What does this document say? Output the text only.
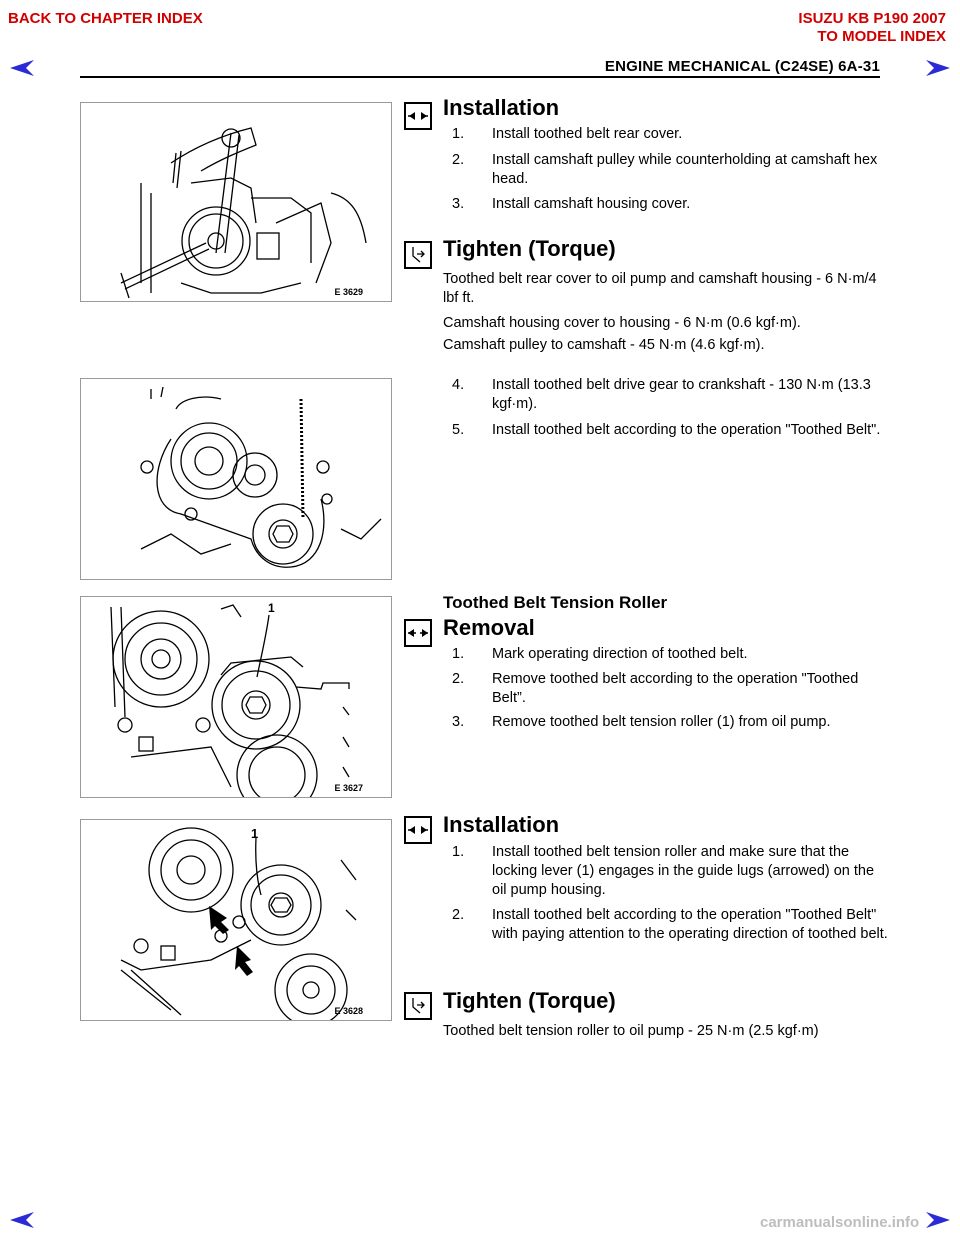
BACK TO CHAPTER INDEX	ISUZU KB P190 2007
TO MODEL INDEX
ENGINE MECHANICAL (C24SE) 6A-31
E 3629
Installation
1.	Install toothed belt rear cover.
2.	Install camshaft pulley while counterholding at camshaft hex head.
3.	Install camshaft housing cover.
Tighten (Torque)
Toothed belt rear cover to oil pump and camshaft housing - 6 N·m/4 lbf ft.
Camshaft housing cover to housing - 6 N·m (0.6 kgf·m).
Camshaft pulley to camshaft - 45 N·m (4.6 kgf·m).
4.	Install toothed belt drive gear to crankshaft - 130 N·m (13.3 kgf·m).
5.	Install toothed belt according to the operation "Toothed Belt".
1
E 3627
Toothed Belt Tension Roller
Removal
1.	Mark operating direction of toothed belt.
2.	Remove toothed belt according to the operation "Toothed Belt”.
3.	Remove toothed belt tension roller (1) from oil pump.
1
E 3628
Installation
1.	Install toothed belt tension roller and make sure that the locking lever (1) engages in the guide lugs (arrowed) on the oil pump housing.
2.	Install toothed belt according to the operation "Toothed Belt" with paying attention to the operating direction of toothed belt.
Tighten (Torque)
Toothed belt tension roller to oil pump - 25 N·m (2.5 kgf·m)
carmanualsonline.info
